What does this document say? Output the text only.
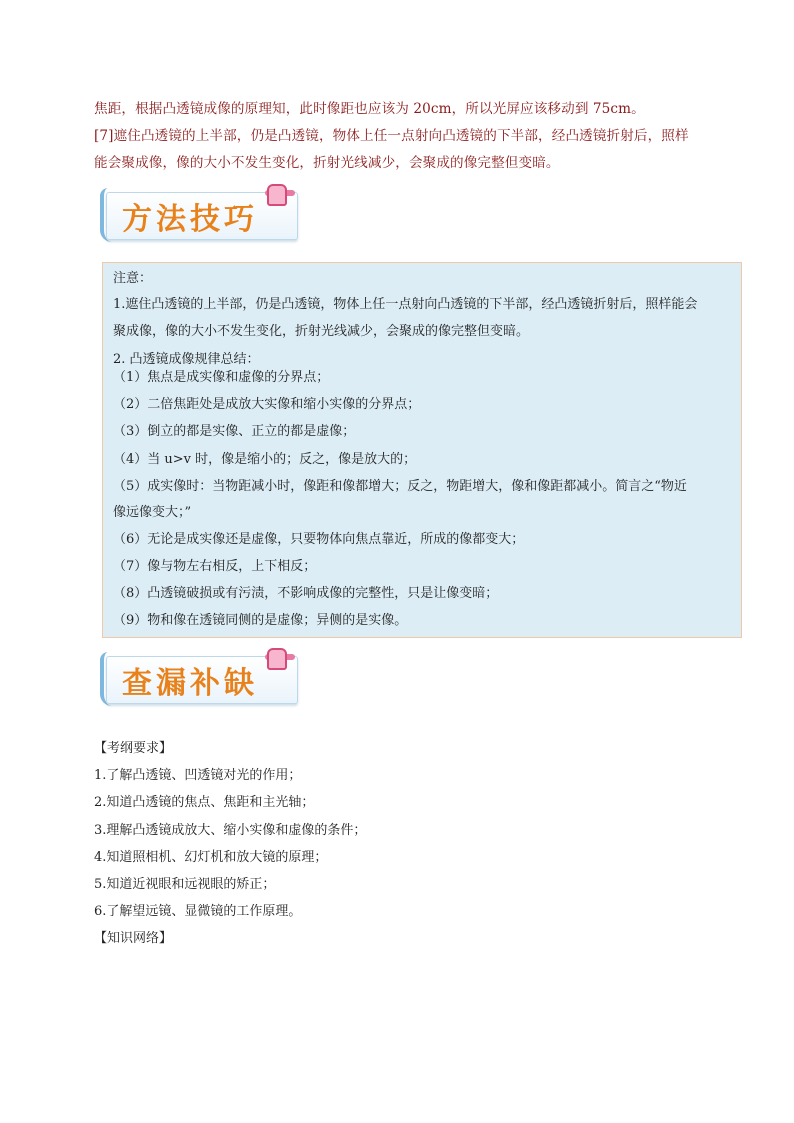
焦距，根据凸透镜成像的原理知，此时像距也应该为 20cm，所以光屏应该移动到 75cm。
[7]遮住凸透镜的上半部，仍是凸透镜，物体上任一点射向凸透镜的下半部，经凸透镜折射后，照样
能会聚成像，像的大小不发生变化，折射光线减少，会聚成的像完整但变暗。
方法技巧
注意：
1.遮住凸透镜的上半部，仍是凸透镜，物体上任一点射向凸透镜的下半部，经凸透镜折射后，照样能会
聚成像，像的大小不发生变化，折射光线减少，会聚成的像完整但变暗。
2. 凸透镜成像规律总结：
（1）焦点是成实像和虚像的分界点；
（2）二倍焦距处是成放大实像和缩小实像的分界点；
（3）倒立的都是实像、正立的都是虚像；
（4）当 u>v 时，像是缩小的；反之，像是放大的；
（5）成实像时：当物距减小时，像距和像都增大；反之，物距增大，像和像距都减小。简言之“物近
像远像变大；”
（6）无论是成实像还是虚像，只要物体向焦点靠近，所成的像都变大；
（7）像与物左右相反，上下相反；
（8）凸透镜破损或有污渍，不影响成像的完整性，只是让像变暗；
（9）物和像在透镜同侧的是虚像；异侧的是实像。
查漏补缺
【考纲要求】
1.了解凸透镜、凹透镜对光的作用；
2.知道凸透镜的焦点、焦距和主光轴；
3.理解凸透镜成放大、缩小实像和虚像的条件；
4.知道照相机、幻灯机和放大镜的原理；
5.知道近视眼和远视眼的矫正；
6.了解望远镜、显微镜的工作原理。
【知识网络】
